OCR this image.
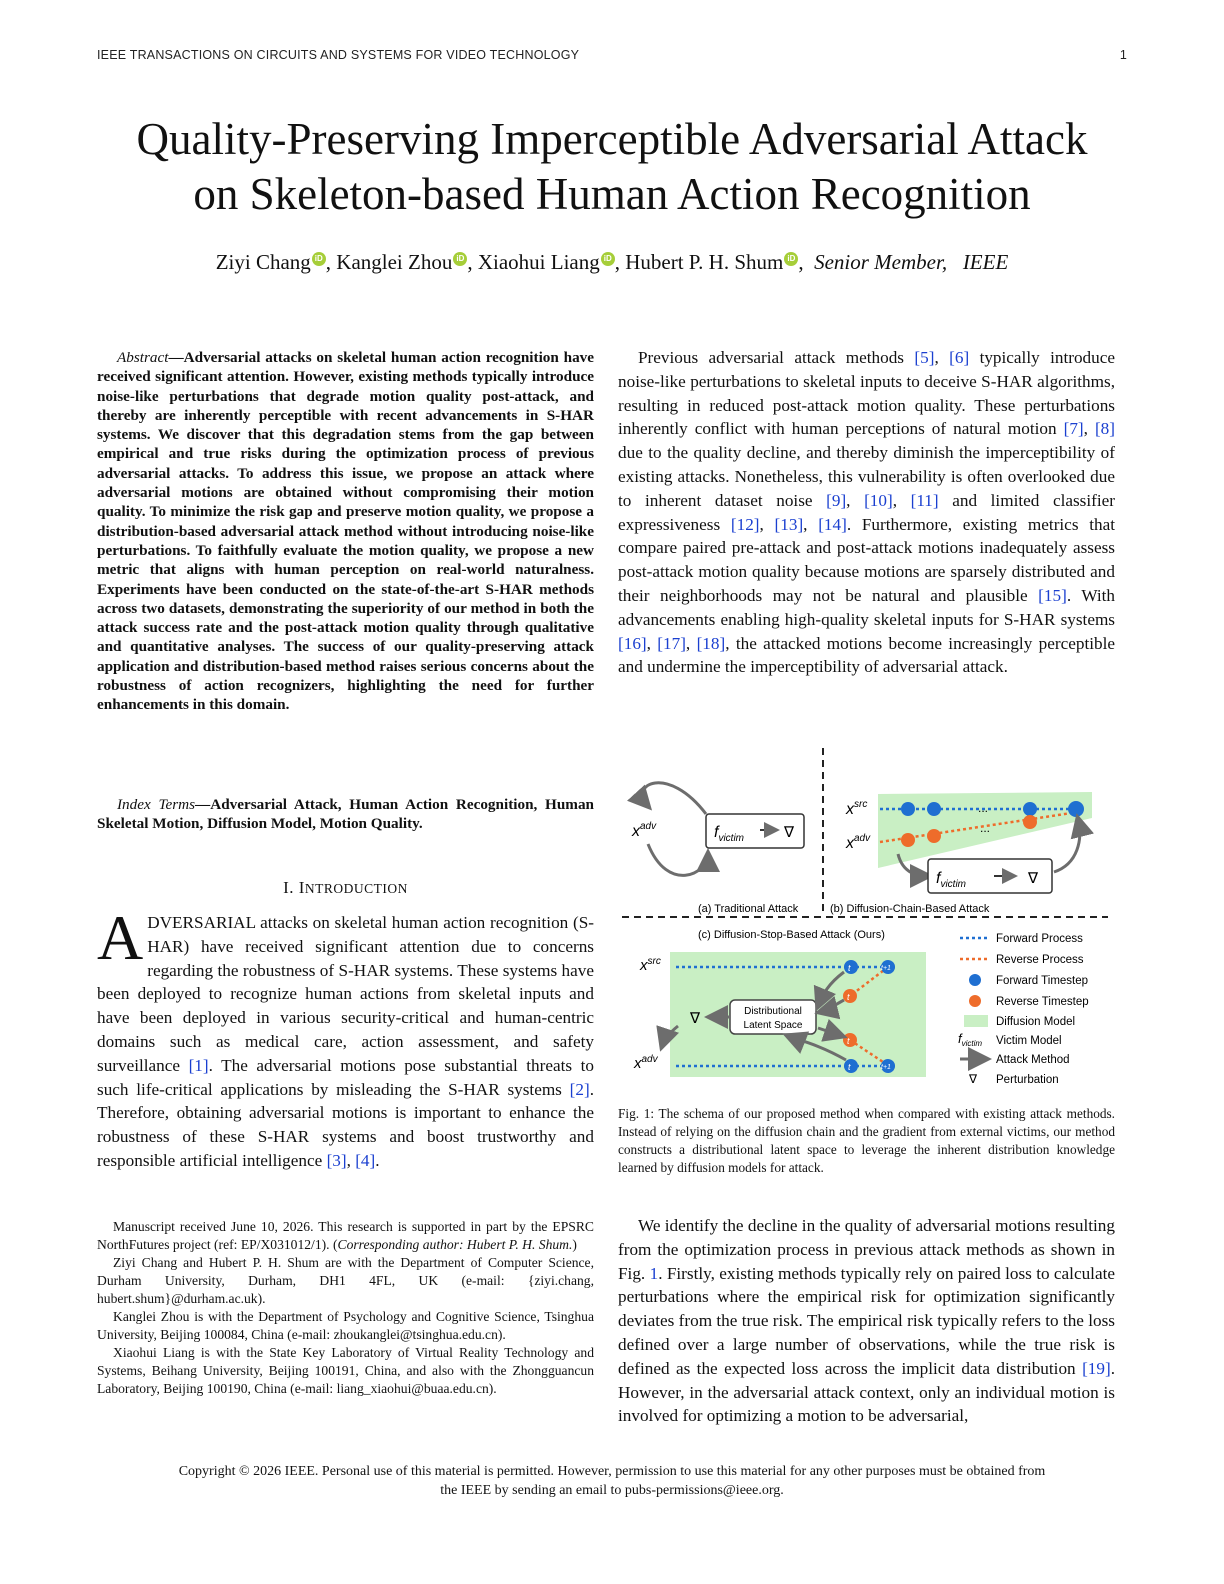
IEEE TRANSACTIONS ON CIRCUITS AND SYSTEMS FOR VIDEO TECHNOLOGY	1
Quality-Preserving Imperceptible Adversarial Attack
on Skeleton-based Human Action Recognition
Ziyi Chang iD , Kanglei Zhou iD , Xiaohui Liang iD , Hubert P. H. Shum iD ,  Senior Member,   IEEE
Abstract—Adversarial attacks on skeletal human action recognition have received significant attention. However, existing methods typically introduce noise-like perturbations that degrade motion quality post-attack, and thereby are inherently perceptible with recent advancements in S-HAR systems. We discover that this degradation stems from the gap between empirical and true risks during the optimization process of previous adversarial attacks. To address this issue, we propose an attack where adversarial motions are obtained without compromising their motion quality. To minimize the risk gap and preserve motion quality, we propose a distribution-based adversarial attack method without introducing noise-like perturbations. To faithfully evaluate the motion quality, we propose a new metric that aligns with human perception on real-world naturalness. Experiments have been conducted on the state-of-the-art S-HAR methods across two datasets, demonstrating the superiority of our method in both the attack success rate and the post-attack motion quality through qualitative and quantitative analyses. The success of our quality-preserving attack application and distribution-based method raises serious concerns about the robustness of action recognizers, highlighting the need for further enhancements in this domain.
Index Terms—Adversarial Attack, Human Action Recognition, Human Skeletal Motion, Diffusion Model, Motion Quality.
I. INTRODUCTION
ADVERSARIAL attacks on skeletal human action recognition (S-HAR) have received significant attention due to concerns regarding the robustness of S-HAR systems. These systems have been deployed to recognize human actions from skeletal inputs and have been deployed in various security-critical and human-centric domains such as medical care, action assessment, and safety surveillance [1]. The adversarial motions pose substantial threats to such life-critical applications by misleading the S-HAR systems [2]. Therefore, obtaining adversarial motions is important to enhance the robustness of these S-HAR systems and boost trustworthy and responsible artificial intelligence [3], [4].

Manuscript received June 10, 2026. This research is supported in part by the EPSRC NorthFutures project (ref: EP/X031012/1). (Corresponding author: Hubert P. H. Shum.)

Ziyi Chang and Hubert P. H. Shum are with the Department of Computer Science, Durham University, Durham, DH1 4FL, UK (e-mail: {ziyi.chang, hubert.shum}@durham.ac.uk).

Kanglei Zhou is with the Department of Psychology and Cognitive Science, Tsinghua University, Beijing 100084, China (e-mail: zhoukanglei@tsinghua.edu.cn).

Xiaohui Liang is with the State Key Laboratory of Virtual Reality Technology and Systems, Beihang University, Beijing 100191, China, and also with the Zhongguancun Laboratory, Beijing 100190, China (e-mail: liang_xiaohui@buaa.edu.cn).

Previous adversarial attack methods [5], [6] typically introduce noise-like perturbations to skeletal inputs to deceive S-HAR algorithms, resulting in reduced post-attack motion quality. These perturbations inherently conflict with human perceptions of natural motion [7], [8] due to the quality decline, and thereby diminish the imperceptibility of existing attacks. Nonetheless, this vulnerability is often overlooked due to inherent dataset noise [9], [10], [11] and limited classifier expressiveness [12], [13], [14]. Furthermore, existing metrics that compare paired pre-attack and post-attack motions inadequately assess post-attack motion quality because motions are sparsely distributed and their neighborhoods may not be natural and plausible [15]. With advancements enabling high-quality skeletal inputs for S-HAR systems [16], [17], [18], the attacked motions become increasingly perceptible and undermine the imperceptibility of adversarial attack.

$x^{adv}$	$f_{victim}$	∇
(a) Traditional Attack
$x^{src}$
$x^{adv}$
...
...
$f_{victim}$	∇
(b) Diffusion-Chain-Based Attack
(c) Diffusion-Stop-Based Attack (Ours)
$x^{src}$
$x^{adv}$
t	t+1
t
t
t	t+1
Distributional
Latent Space
∇
Forward Process
Reverse Process
Forward Timestep
Reverse Timestep
Diffusion Model
$f_{victim}$ Victim Model
Attack Method
∇ Perturbation
Fig. 1: The schema of our proposed method when compared with existing attack methods. Instead of relying on the diffusion chain and the gradient from external victims, our method constructs a distributional latent space to leverage the inherent distribution knowledge learned by diffusion models for attack.

We identify the decline in the quality of adversarial motions resulting from the optimization process in previous attack methods as shown in Fig. 1. Firstly, existing methods typically rely on paired loss to calculate perturbations where the empirical risk for optimization significantly deviates from the true risk. The empirical risk typically refers to the loss defined over a large number of observations, while the true risk is defined as the expected loss across the implicit data distribution [19]. However, in the adversarial attack context, only an individual motion is involved for optimizing a motion to be adversarial,

Copyright © 2026 IEEE. Personal use of this material is permitted. However, permission to use this material for any other purposes must be obtained from
the IEEE by sending an email to pubs-permissions@ieee.org.
